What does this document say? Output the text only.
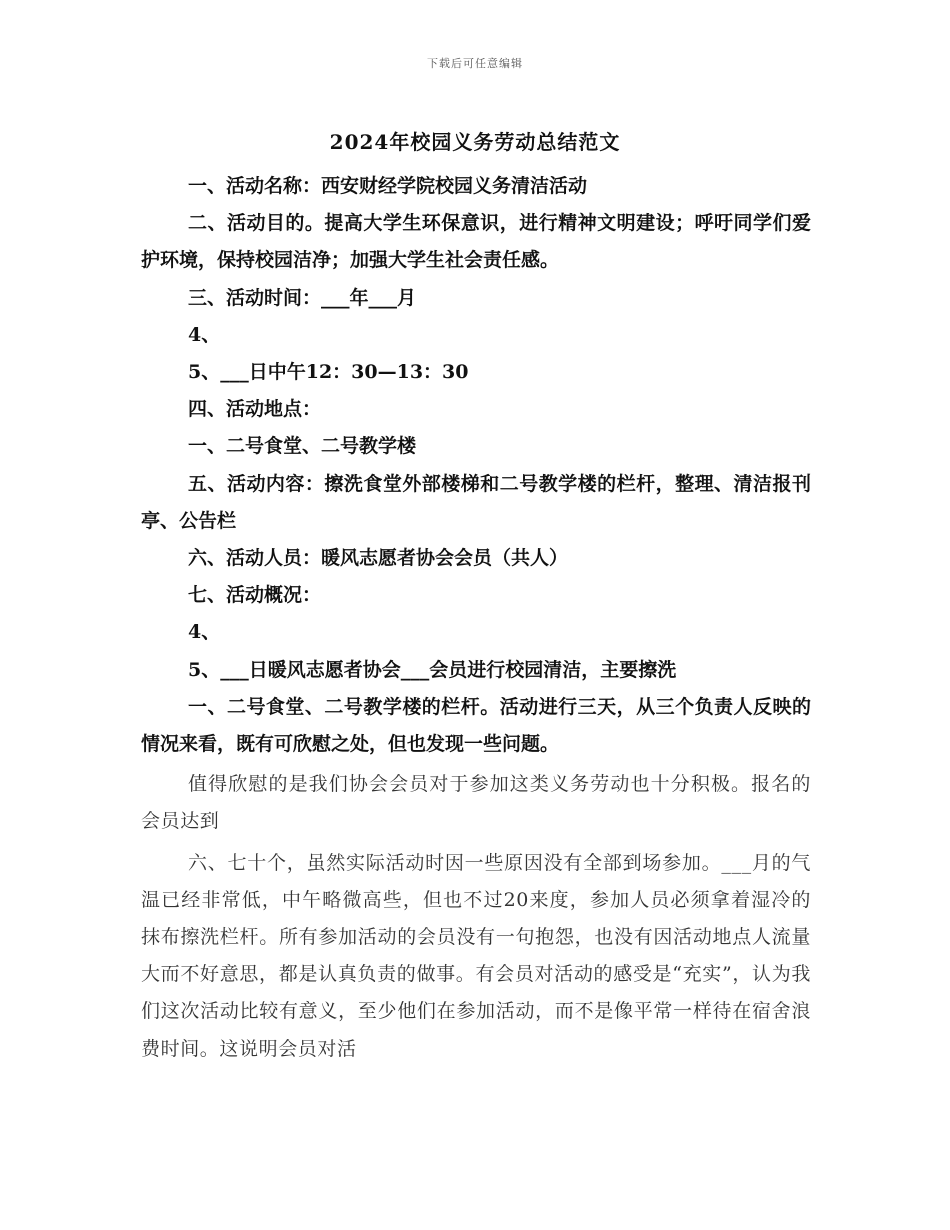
下载后可任意编辑
2024年校园义务劳动总结范文

一、活动名称：西安财经学院校园义务清洁活动

二、活动目的。提高大学生环保意识，进行精神文明建设；呼吁同学们爱护环境，保持校园洁净；加强大学生社会责任感。

三、活动时间：___年___月

4、

5、___日中午12：30—13：30

四、活动地点：

一、二号食堂、二号教学楼

五、活动内容：擦洗食堂外部楼梯和二号教学楼的栏杆，整理、清洁报刊亭、公告栏

六、活动人员：暖风志愿者协会会员（共人）

七、活动概况：

4、

5、___日暖风志愿者协会___会员进行校园清洁，主要擦洗

一、二号食堂、二号教学楼的栏杆。活动进行三天，从三个负责人反映的情况来看，既有可欣慰之处，但也发现一些问题。

值得欣慰的是我们协会会员对于参加这类义务劳动也十分积极。报名的会员达到

六、七十个，虽然实际活动时因一些原因没有全部到场参加。___月的气温已经非常低，中午略微高些，但也不过20来度，参加人员必须拿着湿冷的抹布擦洗栏杆。所有参加活动的会员没有一句抱怨，也没有因活动地点人流量大而不好意思，都是认真负责的做事。有会员对活动的感受是“充实”，认为我们这次活动比较有意义，至少他们在参加活动，而不是像平常一样待在宿舍浪费时间。这说明会员对活
